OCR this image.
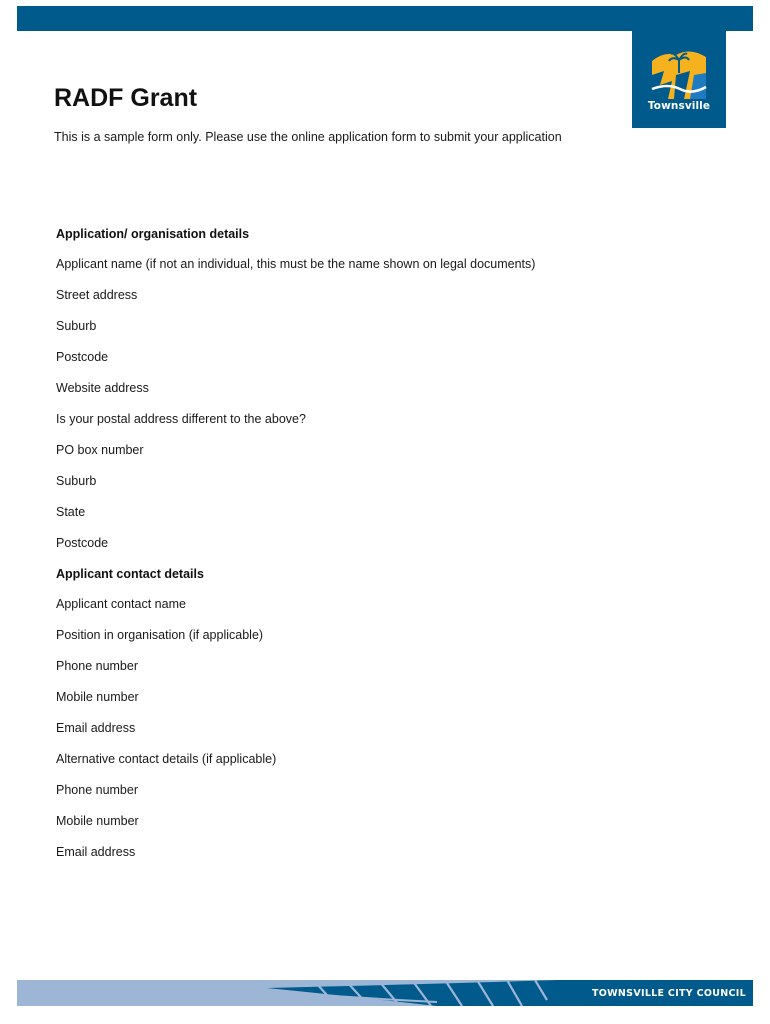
Townsville
RADF Grant

This is a sample form only. Please use the online application form to submit your application

Application/ organisation details
Applicant name (if not an individual, this must be the name shown on legal documents)
Street address
Suburb
Postcode
Website address
Is your postal address different to the above?
PO box number
Suburb
State
Postcode
Applicant contact details
Applicant contact name
Position in organisation (if applicable)
Phone number
Mobile number
Email address
Alternative contact details (if applicable)
Phone number
Mobile number
Email address
TOWNSVILLE CITY COUNCIL
